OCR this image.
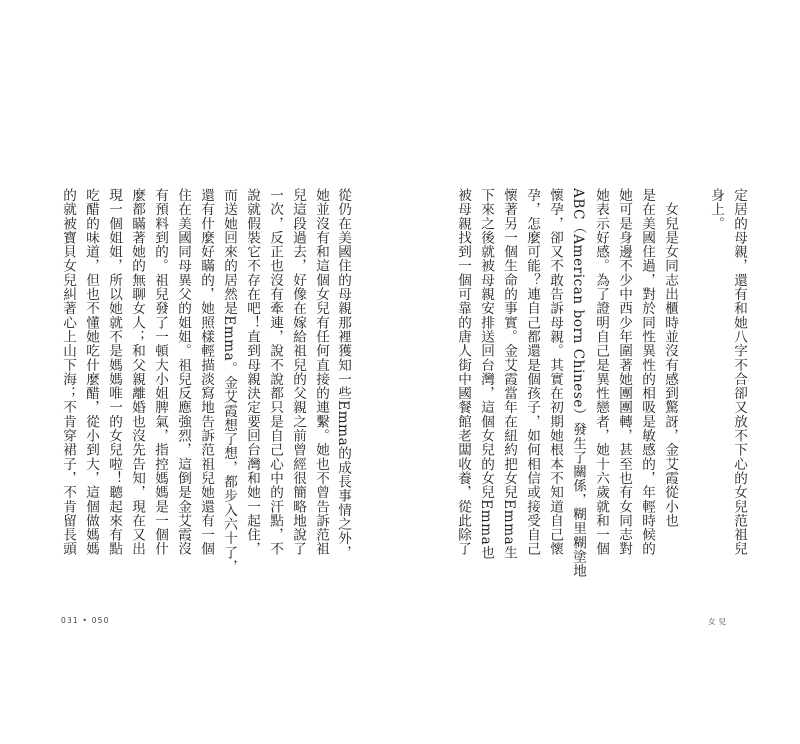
從仍在美國住的母親那裡獲知一些Emma的成長事情之外，
她並沒有和這個女兒有任何直接的連繫。她也不曾告訴范祖
兒這段過去，好像在嫁給祖兒的父親之前曾經很簡略地說了
一次，反正也沒有牽連，說不說都只是自己心中的汗點，不
說就假裝它不存在吧！直到母親決定要回台灣和她一起住，
而送她回來的居然是Emma。金艾霞想了想，都步入六十了，
還有什麼好瞞的，她照樣輕描淡寫地告訴范祖兒她還有一個
住在美國同母異父的姐姐。祖兒反應強烈，這倒是金艾霞沒
有預料到的。祖兒發了一頓大小姐脾氣，指控媽媽是一個什
麼都瞞著她的無聊女人；和父親離婚也沒先告知，現在又出
現一個姐姐，所以她就不是媽媽唯一的女兒啦！聽起來有點
吃醋的味道，但也不懂她吃什麼醋，從小到大，這個做媽媽
的就被寶貝女兒糾著心上山下海；不肯穿裙子，不肯留長頭
031 • 050
定居的母親，還有和她八字不合卻又放不下心的女兒范祖兒
身上。
　女兒是女同志出櫃時並沒有感到驚訝，金艾霞從小也
是在美國住過，對於同性異性的相吸是敏感的，年輕時候的
她可是身邊不少中西少年圍著她團團轉，甚至也有女同志對
她表示好感。為了證明自己是異性戀者，她十六歲就和一個
ABC（American born Chinese）發生了關係，糊里糊塗地
懷孕，卻又不敢告訴母親。其實在初期她根本不知道自己懷
孕，怎麼可能？連自己都還是個孩子，如何相信或接受自己
懷著另一個生命的事實。金艾霞當年在紐約把女兒Emma生
下來之後就被母親安排送回台灣，這個女兒的女兒Emma也
被母親找到一個可靠的唐人街中國餐館老闆收養，從此除了
女兒
